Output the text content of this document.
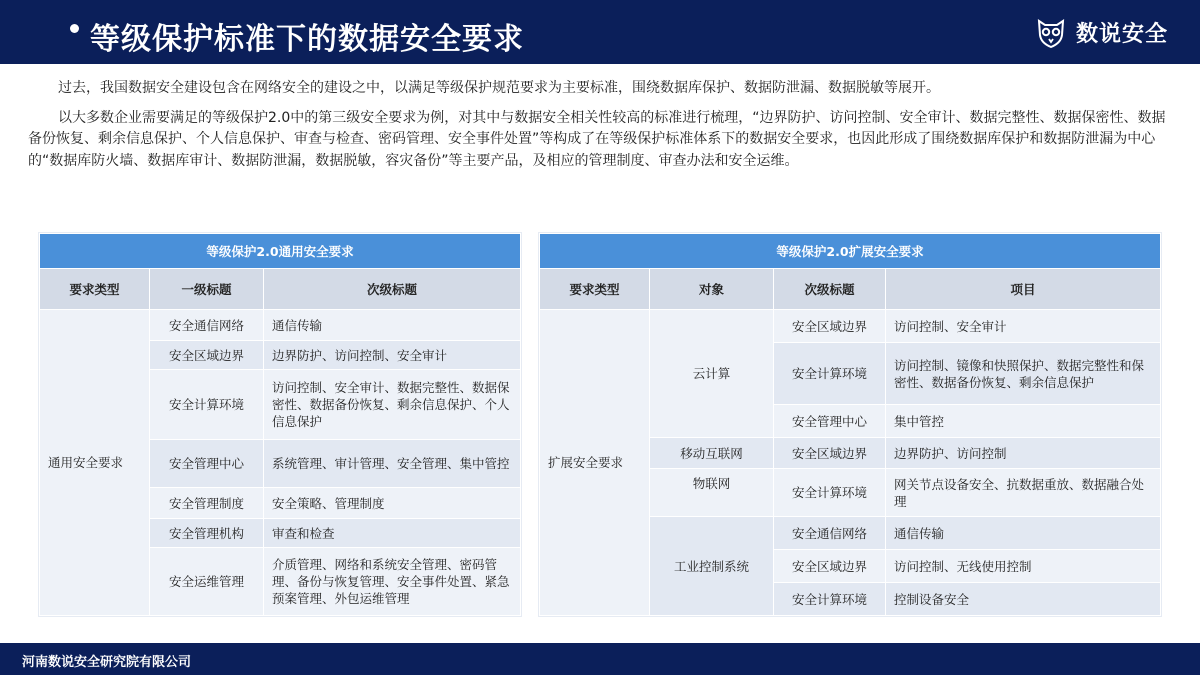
等级保护标准下的数据安全要求	数说安全

过去，我国数据安全建设包含在网络安全的建设之中，以满足等级保护规范要求为主要标准，围绕数据库保护、数据防泄漏、数据脱敏等展开。

以大多数企业需要满足的等级保护2.0中的第三级安全要求为例，对其中与数据安全相关性较高的标准进行梳理，“边界防护、访问控制、安全审计、数据完整性、数据保密性、数据备份恢复、剩余信息保护、个人信息保护、审查与检查、密码管理、安全事件处置”等构成了在等级保护标准体系下的数据安全要求，也因此形成了围绕数据库保护和数据防泄漏为中心的“数据库防火墙、数据库审计、数据防泄漏，数据脱敏，容灾备份”等主要产品，及相应的管理制度、审查办法和安全运维。

等级保护2.0通用安全要求		
要求类型	一级标题	次级标题
通用安全要求	安全通信网络	通信传输
	安全区域边界	边界防护、访问控制、安全审计
	安全计算环境	访问控制、安全审计、数据完整性、数据保密性、数据备份恢复、剩余信息保护、个人信息保护
	安全管理中心	系统管理、审计管理、安全管理、集中管控
	安全管理制度	安全策略、管理制度
	安全管理机构	审查和检查
	安全运维管理	介质管理、网络和系统安全管理、密码管理、备份与恢复管理、安全事件处置、紧急预案管理、外包运维管理
等级保护2.0扩展安全要求			
要求类型	对象	次级标题	项目
扩展安全要求	云计算	安全区域边界	访问控制、安全审计
		安全计算环境	访问控制、镜像和快照保护、数据完整性和保密性、数据备份恢复、剩余信息保护
		安全管理中心	集中管控
	移动互联网	安全区域边界	边界防护、访问控制
	物联网	安全计算环境	网关节点设备安全、抗数据重放、数据融合处理
	工业控制系统	安全通信网络	通信传输
		安全区域边界	访问控制、无线使用控制
		安全计算环境	控制设备安全
河南数说安全研究院有限公司
